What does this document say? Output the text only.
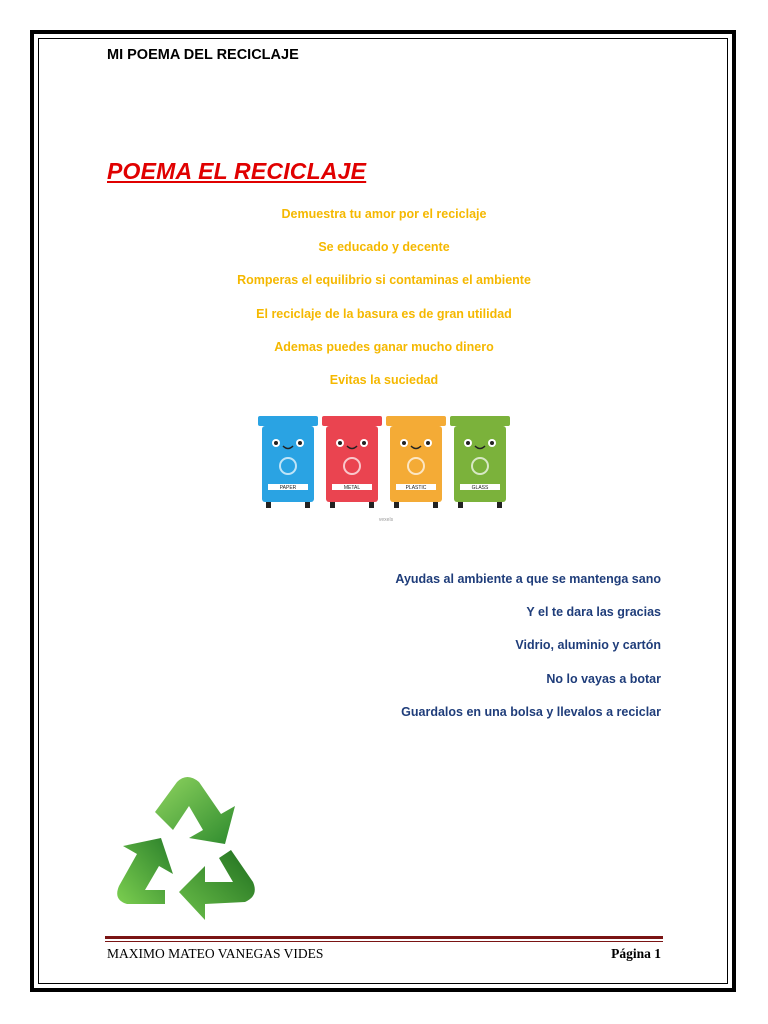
MI POEMA DEL RECICLAJE
POEMA EL RECICLAJE
Demuestra tu amor por el reciclaje
Se educado y decente
Romperas el equilibrio si contaminas el ambiente
El reciclaje de la basura es de gran utilidad
Ademas puedes ganar mucho dinero
Evitas la suciedad
PAPER	METAL	PLASTIC	GLASS
vexels
Ayudas al ambiente a que se mantenga sano
Y el te dara las gracias
Vidrio, aluminio y cartón
No lo vayas a botar
Guardalos en una bolsa y llevalos a reciclar
MAXIMO MATEO VANEGAS VIDES	Página 1
